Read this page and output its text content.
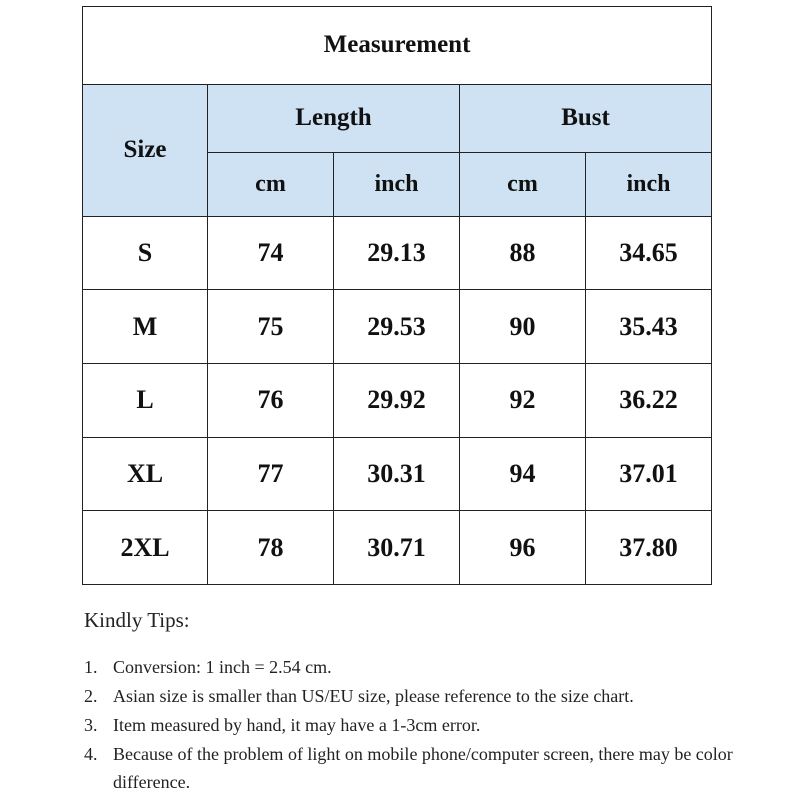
Measurement				
Size	Length		Bust	
	cm	inch	cm	inch
S	74	29.13	88	34.65
M	75	29.53	90	35.43
L	76	29.92	92	36.22
XL	77	30.31	94	37.01
2XL	78	30.71	96	37.80

Kindly Tips:

1. Conversion: 1 inch = 2.54 cm.
2. Asian size is smaller than US/EU size, please reference to the size chart.
3. Item measured by hand, it may have a 1-3cm error.
4. Because of the problem of light on mobile phone/computer screen, there may be color difference.
